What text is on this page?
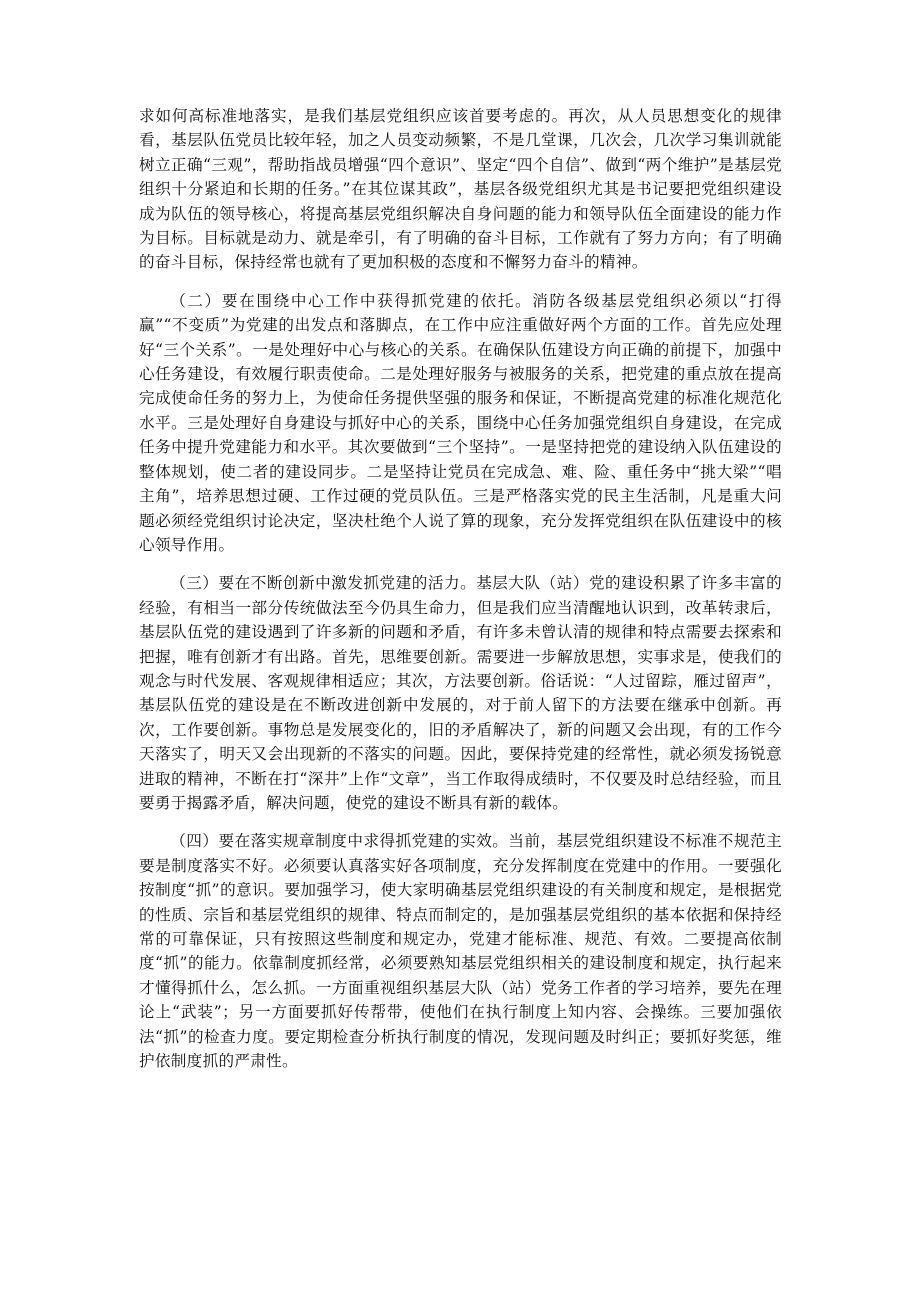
求如何高标准地落实，是我们基层党组织应该首要考虑的。再次，从人员思想变化的规律看，基层队伍党员比较年轻，加之人员变动频繁，不是几堂课，几次会，几次学习集训就能树立正确“三观”，帮助指战员增强“四个意识”、坚定“四个自信”、做到“两个维护”是基层党组织十分紧迫和长期的任务。”在其位谋其政”，基层各级党组织尤其是书记要把党组织建设成为队伍的领导核心，将提高基层党组织解决自身问题的能力和领导队伍全面建设的能力作为目标。目标就是动力、就是牵引，有了明确的奋斗目标，工作就有了努力方向；有了明确的奋斗目标，保持经常也就有了更加积极的态度和不懈努力奋斗的精神。

（二）要在围绕中心工作中获得抓党建的依托。消防各级基层党组织必须以“打得赢”“不变质”为党建的出发点和落脚点，在工作中应注重做好两个方面的工作。首先应处理好“三个关系”。一是处理好中心与核心的关系。在确保队伍建设方向正确的前提下，加强中心任务建设，有效履行职责使命。二是处理好服务与被服务的关系，把党建的重点放在提高完成使命任务的努力上，为使命任务提供坚强的服务和保证，不断提高党建的标准化规范化水平。三是处理好自身建设与抓好中心的关系，围绕中心任务加强党组织自身建设，在完成任务中提升党建能力和水平。其次要做到“三个坚持”。一是坚持把党的建设纳入队伍建设的整体规划，使二者的建设同步。二是坚持让党员在完成急、难、险、重任务中“挑大梁”“唱主角”，培养思想过硬、工作过硬的党员队伍。三是严格落实党的民主生活制，凡是重大问题必须经党组织讨论决定，坚决杜绝个人说了算的现象，充分发挥党组织在队伍建设中的核心领导作用。

（三）要在不断创新中激发抓党建的活力。基层大队（站）党的建设积累了许多丰富的经验，有相当一部分传统做法至今仍具生命力，但是我们应当清醒地认识到，改革转隶后，基层队伍党的建设遇到了许多新的问题和矛盾，有许多未曾认清的规律和特点需要去探索和把握，唯有创新才有出路。首先，思维要创新。需要进一步解放思想，实事求是，使我们的观念与时代发展、客观规律相适应；其次，方法要创新。俗话说：“人过留踪，雁过留声”，基层队伍党的建设是在不断改进创新中发展的，对于前人留下的方法要在继承中创新。再次，工作要创新。事物总是发展变化的，旧的矛盾解决了，新的问题又会出现，有的工作今天落实了，明天又会出现新的不落实的问题。因此，要保持党建的经常性，就必须发扬锐意进取的精神，不断在打“深井”上作“文章”，当工作取得成绩时，不仅要及时总结经验，而且要勇于揭露矛盾，解决问题，使党的建设不断具有新的载体。

（四）要在落实规章制度中求得抓党建的实效。当前，基层党组织建设不标准不规范主要是制度落实不好。必须要认真落实好各项制度，充分发挥制度在党建中的作用。一要强化按制度“抓”的意识。要加强学习，使大家明确基层党组织建设的有关制度和规定，是根据党的性质、宗旨和基层党组织的规律、特点而制定的，是加强基层党组织的基本依据和保持经常的可靠保证，只有按照这些制度和规定办，党建才能标准、规范、有效。二要提高依制度“抓”的能力。依靠制度抓经常，必须要熟知基层党组织相关的建设制度和规定，执行起来才懂得抓什么，怎么抓。一方面重视组织基层大队（站）党务工作者的学习培养，要先在理论上“武装”；另一方面要抓好传帮带，使他们在执行制度上知内容、会操练。三要加强依法“抓”的检查力度。要定期检查分析执行制度的情况，发现问题及时纠正；要抓好奖惩，维护依制度抓的严肃性。
